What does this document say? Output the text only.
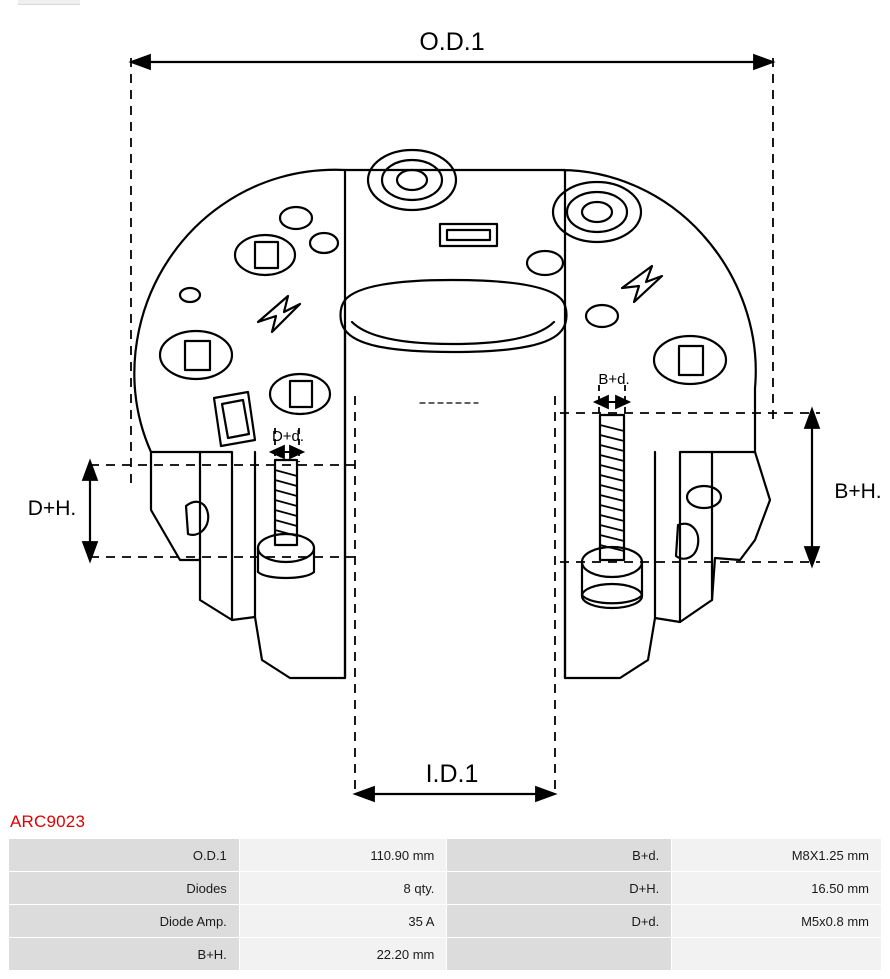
O.D.1
I.D.1
D+H.
B+H.
D+d.
B+d.
ARC9023
O.D.1	110.90 mm	B+d.	M8X1.25 mm
Diodes	8 qty.	D+H.	16.50 mm
Diode Amp.	35 A	D+d.	M5x0.8 mm
B+H.	22.20 mm		
